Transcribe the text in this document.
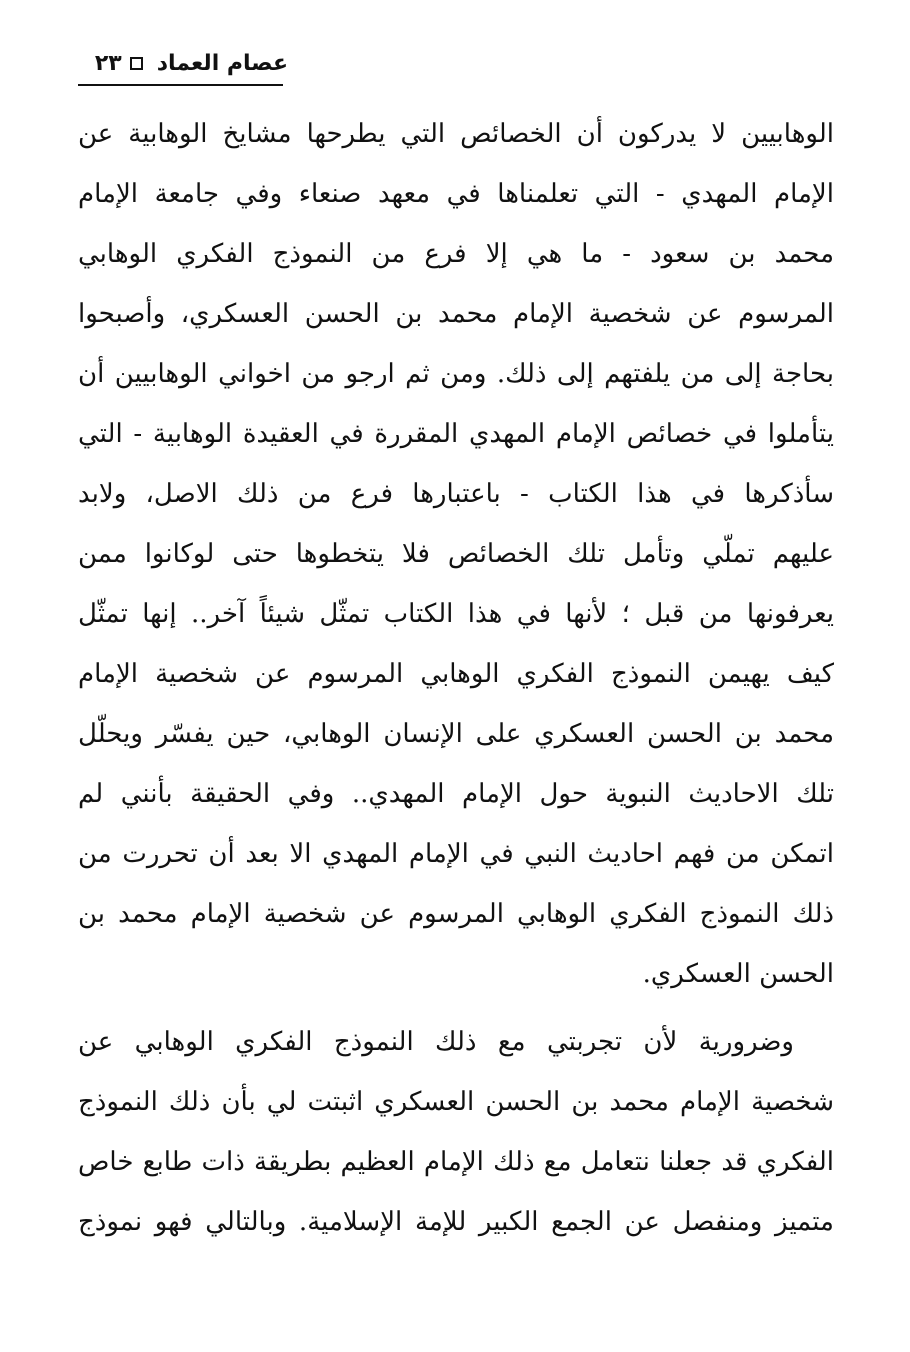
عصام العماد
٢٣
الوهابيين لا يدركون أن الخصائص التي يطرحها مشايخ الوهابية عن
الإمام المهدي - التي تعلمناها في معهد صنعاء وفي جامعة الإمام
محمد بن سعود - ما هي إلا فرع من النموذج الفكري الوهابي
المرسوم عن شخصية الإمام محمد بن الحسن العسكري، وأصبحوا
بحاجة إلى من يلفتهم إلى ذلك. ومن ثم ارجو من اخواني الوهابيين أن
يتأملوا في خصائص الإمام المهدي المقررة في العقيدة الوهابية - التي
سأذكرها في هذا الكتاب - باعتبارها فرع من ذلك الاصل، ولابد
عليهم تملّي وتأمل تلك الخصائص فلا يتخطوها حتى لوكانوا ممن
يعرفونها من قبل ؛ لأنها في هذا الكتاب تمثّل شيئاً آخر.. إنها تمثّل
كيف يهيمن النموذج الفكري الوهابي المرسوم عن شخصية الإمام
محمد بن الحسن العسكري على الإنسان الوهابي، حين يفسّر ويحلّل
تلك الاحاديث النبوية حول الإمام المهدي.. وفي الحقيقة بأنني لم
اتمكن من فهم احاديث النبي في الإمام المهدي الا بعد أن تحررت من
ذلك النموذج الفكري الوهابي المرسوم عن شخصية الإمام محمد بن
الحسن العسكري.
وضرورية لأن تجربتي مع ذلك النموذج الفكري الوهابي عن
شخصية الإمام محمد بن الحسن العسكري اثبتت لي بأن ذلك النموذج
الفكري قد جعلنا نتعامل مع ذلك الإمام العظيم بطريقة ذات طابع خاص
متميز ومنفصل عن الجمع الكبير للإمة الإسلامية. وبالتالي فهو نموذج
